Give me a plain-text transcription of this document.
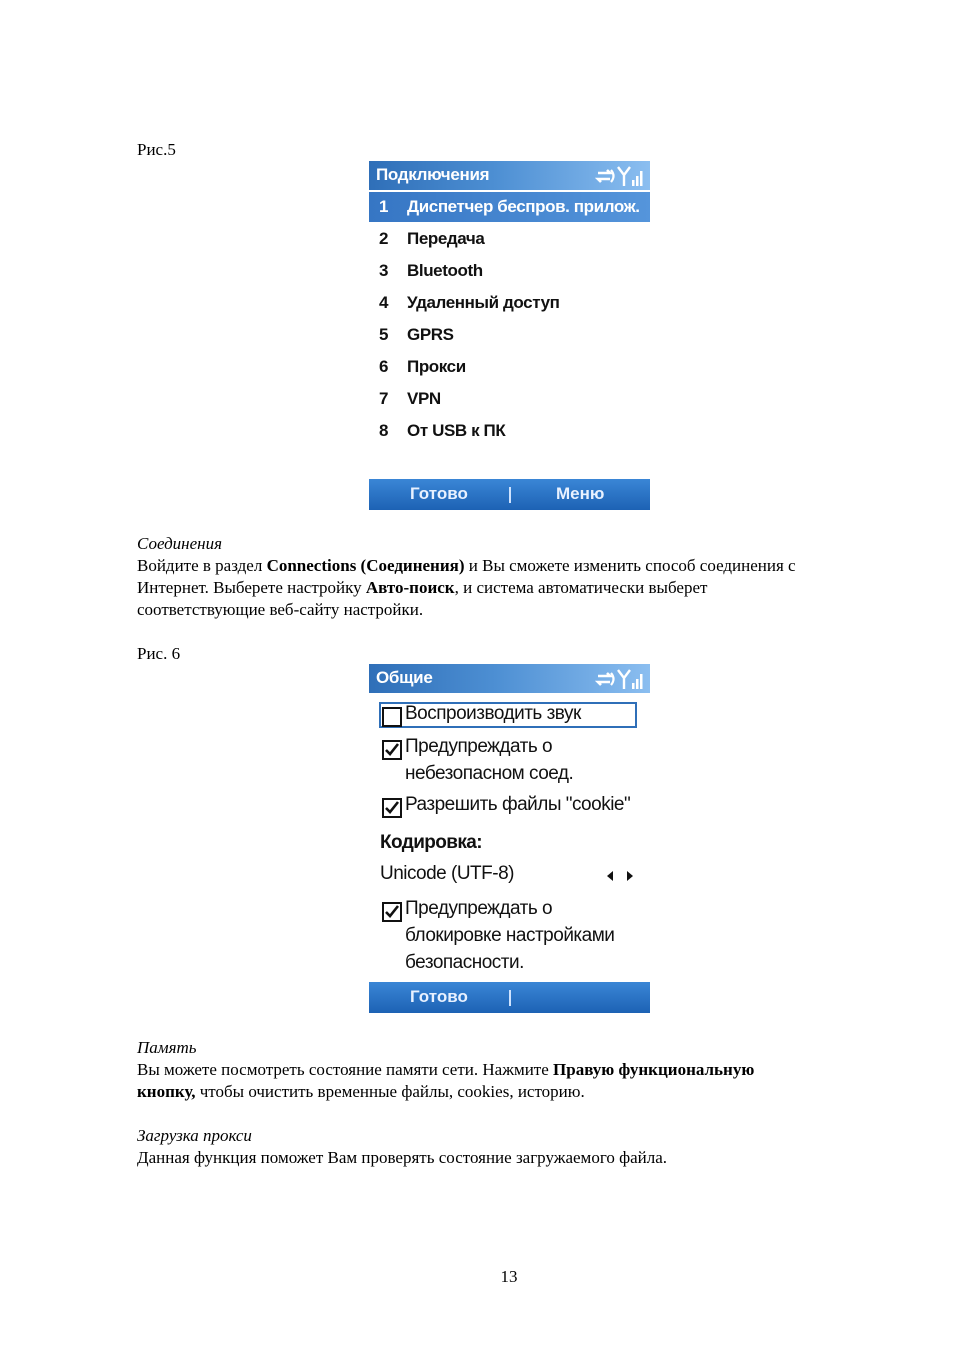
Рис.5
Подключения
1 Диспетчер беспров. прилож.
2 Передача
3 Bluetooth
4 Удаленный доступ
5 GPRS
6 Прокси
7 VPN
8 От USB к ПК
Готово	Меню
Соединения
Войдите в раздел Connections (Соединения) и Вы сможете изменить способ соединения с
Интернет. Выберете настройку Авто-поиск, и система автоматически выберет
соответствующие веб-сайту настройки.
Рис. 6
Общие
Воспроизводить звук
Предупреждать о
небезопасном соед.
Разрешить файлы "cookie"
Кодировка:
Unicode (UTF-8)
Предупреждать о
блокировке настройками
безопасности.
Готово
Память
Вы можете посмотреть состояние памяти сети. Нажмите Правую функциональную
кнопку, чтобы очистить временные файлы, cookies, историю.
Загрузка прокси
Данная функция поможет Вам проверять состояние загружаемого файла.
13
